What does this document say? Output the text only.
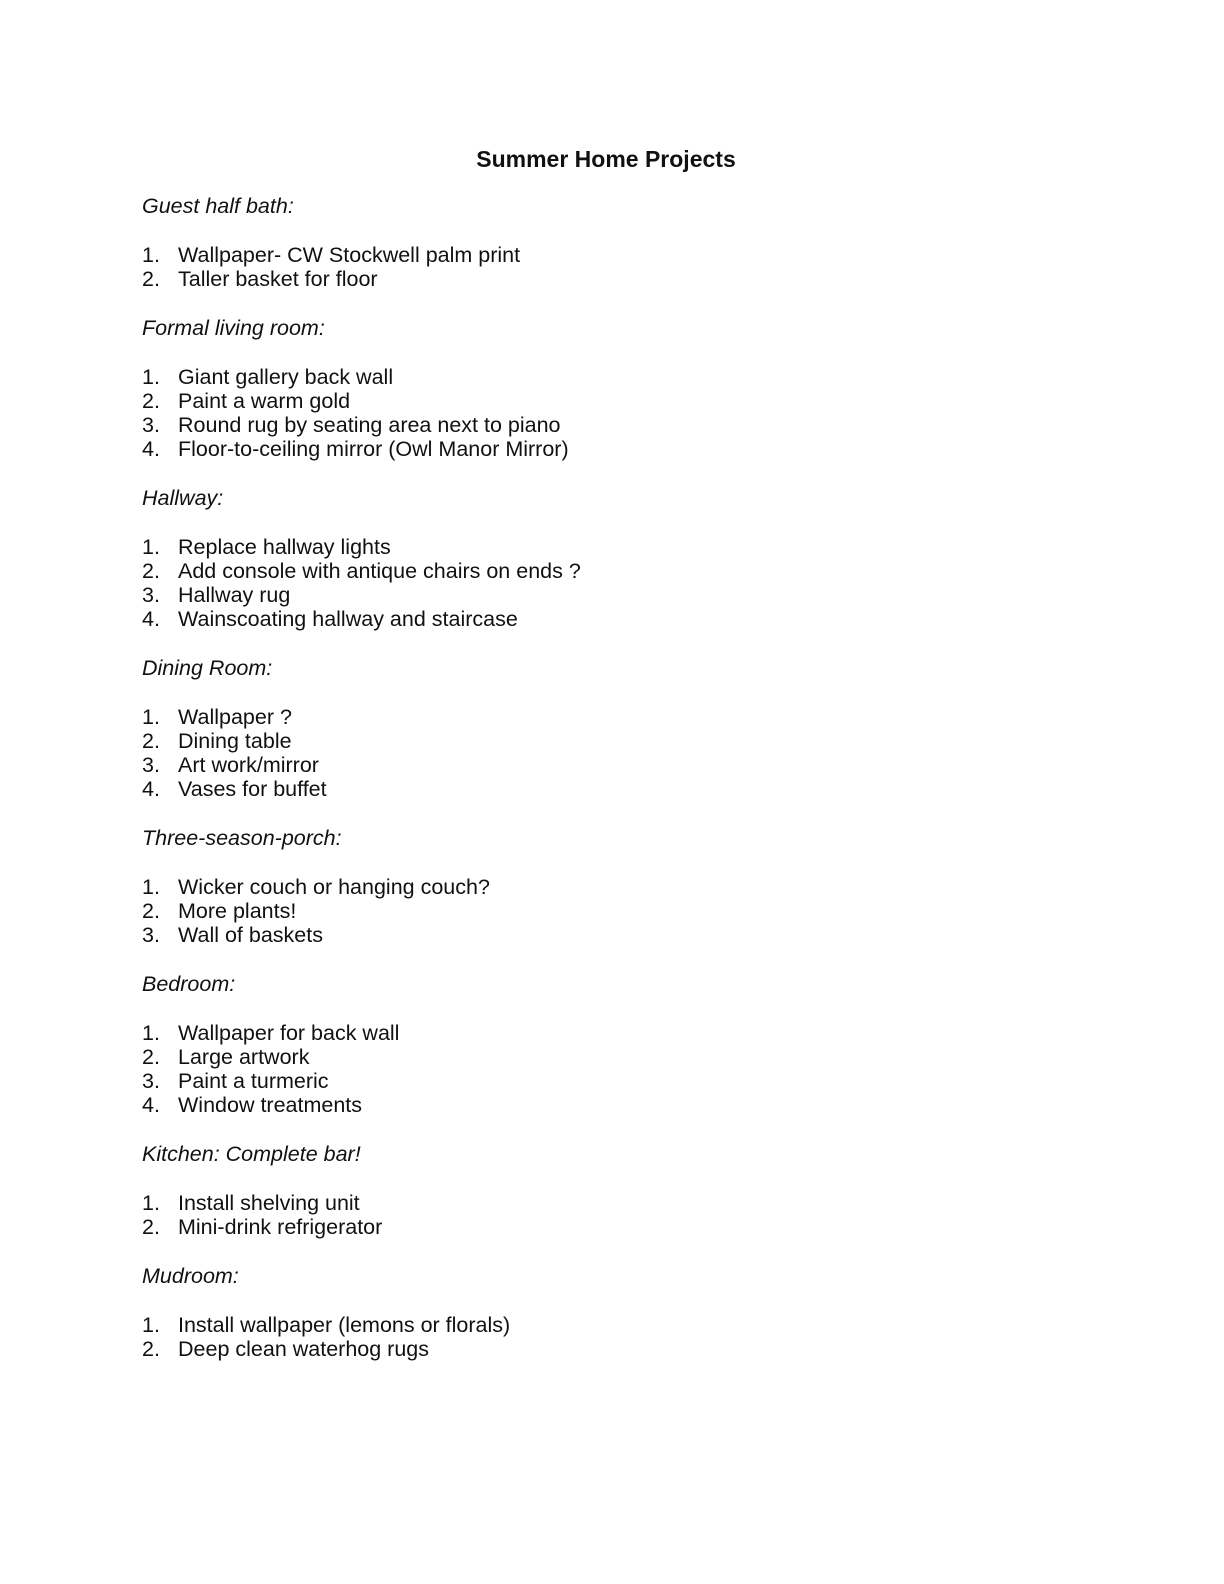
Summer Home Projects
Guest half bath:
1. Wallpaper- CW Stockwell palm print
2. Taller basket for floor
Formal living room:
1. Giant gallery back wall
2. Paint a warm gold
3. Round rug by seating area next to piano
4. Floor-to-ceiling mirror (Owl Manor Mirror)
Hallway:
1. Replace hallway lights
2. Add console with antique chairs on ends ?
3. Hallway rug
4. Wainscoating hallway and staircase
Dining Room:
1. Wallpaper ?
2. Dining table
3. Art work/mirror
4. Vases for buffet
Three-season-porch:
1. Wicker couch or hanging couch?
2. More plants!
3. Wall of baskets
Bedroom:
1. Wallpaper for back wall
2. Large artwork
3. Paint a turmeric
4. Window treatments
Kitchen: Complete bar!
1. Install shelving unit
2. Mini-drink refrigerator
Mudroom:
1. Install wallpaper (lemons or florals)
2. Deep clean waterhog rugs
